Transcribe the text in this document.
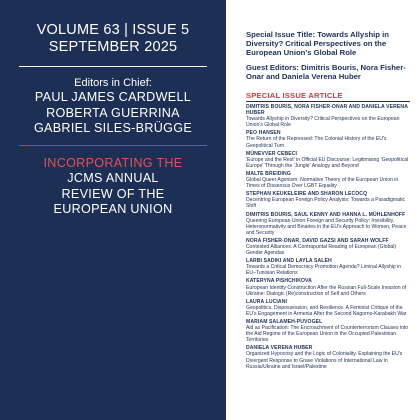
VOLUME 63 | ISSUE 5
SEPTEMBER 2025
Editors in Chief:
PAUL JAMES CARDWELL
ROBERTA GUERRINA
GABRIEL SILES-BRÜGGE
INCORPORATING THE
JCMS ANNUAL
REVIEW OF THE
EUROPEAN UNION
Special Issue Title: Towards Allyship in Diversity? Critical Perspectives on the European Union's Global Role
Guest Editors: Dimitris Bouris, Nora Fisher-Onar and Daniela Verena Huber
SPECIAL ISSUE ARTICLE
DIMITRIS BOURIS, NORA FISHER-ONAR AND DANIELA VERENA HUBER
Towards Allyship in Diversity? Critical Perspectives on the European Union's Global Role
PEO HANSEN
The Return of the Repressed: The Colonial History of the EU's Geopolitical Turn
MÜNEVVER CEBECI
'Europe and the Rest' in Official EU Discourse: Legitimising 'Geopolitical Europe' Through the 'Jungle' Analogy and Beyond
MALTE BREIDING
Global Queer Agonism: Normative Theory of the European Union in Times of Dissensus Over LGBT Equality
STEPHAN KEUKELEIRE AND SHARON LECOCQ
Decentring European Foreign Policy Analysis: Towards a Paradigmatic Shift
DIMITRIS BOURIS, SAUL KENNY AND HANNA L. MÜHLENHOFF
Queering European Union Foreign and Security Policy: Invisibility, Heteronormativity and Binaries in the EU's Approach to Women, Peace and Security
NORA FISHER-ONAR, DAVID GAZSI AND SARAH WOLFF
Contested Alliances: A Contrapuntal Reading of European (Global) Gender Agendas
LARBI SADIKI AND LAYLA SALEH
Towards a Critical Democracy Promotion Agenda? Liminal Allyship in EU–Tunisian Relations
KATERYNA PISHCHIKOVA
European Identity Construction After the Russian Full-Scale Invasion of Ukraine: Dialogic (Re)construction of Self and Others
LAURA LUCIANI
Geopolitics, Dispossession, and Resilience. A Feminist Critique of the EU's Engagement in Armenia After the Second Nagorno-Karabakh War
MARIAM SALAMEH-PUVOGEL
Aid as Pacification: The Encroachment of Counterterrorism Clauses into the Aid Regime of the European Union in the Occupied Palestinian Territories
DANIELA VERENA HUBER
Organized Hypocrisy and the Logic of Coloniality. Explaining the EU's Divergent Response to Grave Violations of International Law in Russia/Ukraine and Israel/Palestine
